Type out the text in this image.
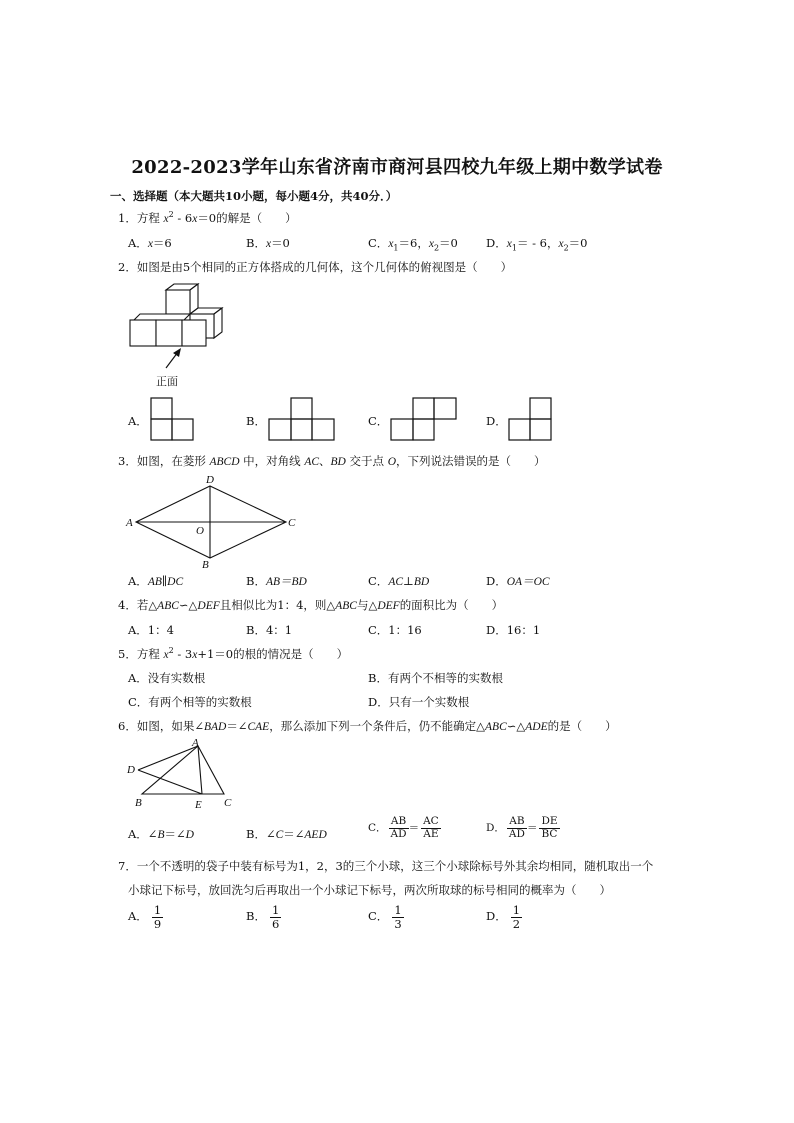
2022-2023学年山东省济南市商河县四校九年级上期中数学试卷
一、选择题（本大题共10小题，每小题4分，共40分．）
1．方程 $x^2 - 6x=0$的解是（　　）
A．x＝6	B．x＝0	C．$x_1=6$，$x_2=0$ D．$x_1= - 6$，$x_2=0$
2．如图是由5个相同的正方体搭成的几何体，这个几何体的俯视图是（　　）
正面
A．	B．	C．	D．
3．如图，在菱形 ABCD 中，对角线 AC、BD 交于点 O，下列说法错误的是（　　）
D
A	C
O
B
A．AB∥DC	B．AB＝BD	C．AC⊥BD	D．OA＝OC
4．若△ABC∽△DEF且相似比为1：4，则△ABC与△DEF的面积比为（　　）
A．1：4	B．4：1	C．1：16	D．16：1
5．方程 $x^2 - 3x+1=0$的根的情况是（　　）
A．没有实数根	B．有两个不相等的实数根
C．有两个相等的实数根	D．只有一个实数根
6．如图，如果∠BAD＝∠CAE，那么添加下列一个条件后，仍不能确定△ABC∽△ADE的是（　　）
A
D
B	E C
A．∠B＝∠D	B．∠C＝∠AED
C． $\frac{AB}{AD} = \frac{AC}{AE}$	D． $\frac{AB}{AD} = \frac{DE}{BC}$
7．一个不透明的袋子中装有标号为1，2，3的三个小球，这三个小球除标号外其余均相同，随机取出一个
小球记下标号，放回洗匀后再取出一个小球记下标号，两次所取球的标号相同的概率为（　　）
A． $\frac{1}{9}$	B． $\frac{1}{6}$	C． $\frac{1}{3}$	D． $\frac{1}{2}$
